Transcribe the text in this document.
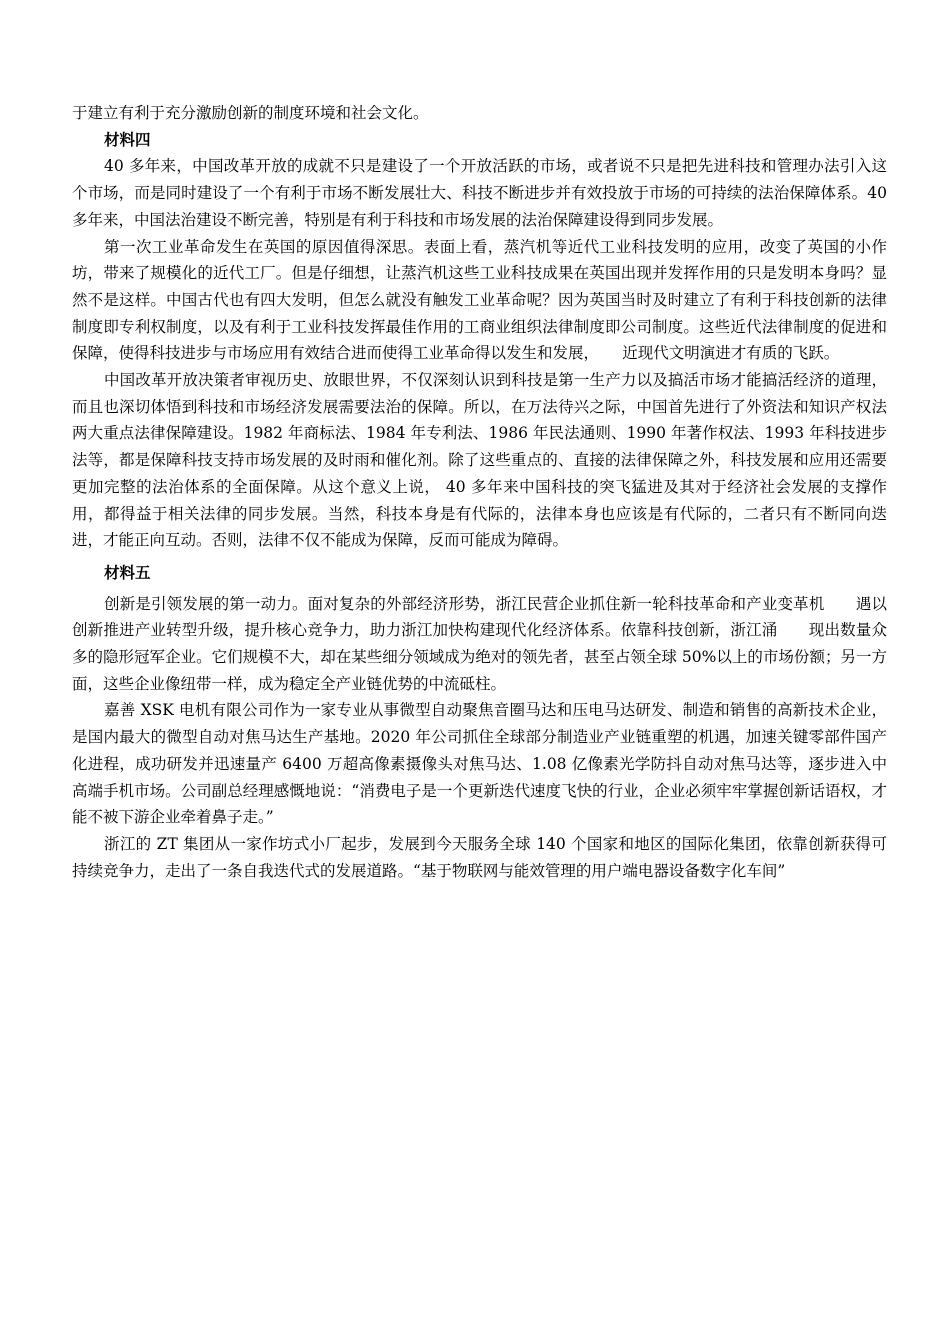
于建立有利于充分激励创新的制度环境和社会文化。

材料四

40 多年来，中国改革开放的成就不只是建设了一个开放活跃的市场，或者说不只是把先进科技和管理办法引入这个市场，而是同时建设了一个有利于市场不断发展壮大、科技不断进步并有效投放于市场的可持续的法治保障体系。40 多年来，中国法治建设不断完善，特别是有利于科技和市场发展的法治保障建设得到同步发展。

第一次工业革命发生在英国的原因值得深思。表面上看，蒸汽机等近代工业科技发明的应用，改变了英国的小作坊，带来了规模化的近代工厂。但是仔细想，让蒸汽机这些工业科技成果在英国出现并发挥作用的只是发明本身吗？显然不是这样。中国古代也有四大发明，但怎么就没有触发工业革命呢？因为英国当时及时建立了有利于科技创新的法律制度即专利权制度，以及有利于工业科技发挥最佳作用的工商业组织法律制度即公司制度。这些近代法律制度的促进和保障，使得科技进步与市场应用有效结合进而使得工业革命得以发生和发展，　　近现代文明演进才有质的飞跃。

中国改革开放决策者审视历史、放眼世界，不仅深刻认识到科技是第一生产力以及搞活市场才能搞活经济的道理，而且也深切体悟到科技和市场经济发展需要法治的保障。所以，在万法待兴之际，中国首先进行了外资法和知识产权法两大重点法律保障建设。1982 年商标法、1984 年专利法、1986 年民法通则、1990 年著作权法、1993 年科技进步法等，都是保障科技支持市场发展的及时雨和催化剂。除了这些重点的、直接的法律保障之外，科技发展和应用还需要更加完整的法治体系的全面保障。从这个意义上说， 40 多年来中国科技的突飞猛进及其对于经济社会发展的支撑作用，都得益于相关法律的同步发展。当然，科技本身是有代际的，法律本身也应该是有代际的，二者只有不断同向迭进，才能正向互动。否则，法律不仅不能成为保障，反而可能成为障碍。

材料五

创新是引领发展的第一动力。面对复杂的外部经济形势，浙江民营企业抓住新一轮科技革命和产业变革机　　遇以创新推进产业转型升级，提升核心竞争力，助力浙江加快构建现代化经济体系。依靠科技创新，浙江涌　　现出数量众多的隐形冠军企业。它们规模不大，却在某些细分领域成为绝对的领先者，甚至占领全球 50%以上的市场份额；另一方面，这些企业像纽带一样，成为稳定全产业链优势的中流砥柱。

嘉善 XSK 电机有限公司作为一家专业从事微型自动聚焦音圈马达和压电马达研发、制造和销售的高新技术企业，是国内最大的微型自动对焦马达生产基地。2020 年公司抓住全球部分制造业产业链重塑的机遇，加速关键零部件国产化进程，成功研发并迅速量产 6400 万超高像素摄像头对焦马达、1.08 亿像素光学防抖自动对焦马达等，逐步进入中高端手机市场。公司副总经理感慨地说：“消费电子是一个更新迭代速度飞快的行业，企业必须牢牢掌握创新话语权，才能不被下游企业牵着鼻子走。”

浙江的 ZT 集团从一家作坊式小厂起步，发展到今天服务全球 140 个国家和地区的国际化集团，依靠创新获得可持续竞争力，走出了一条自我迭代式的发展道路。“基于物联网与能效管理的用户端电器设备数字化车间”
